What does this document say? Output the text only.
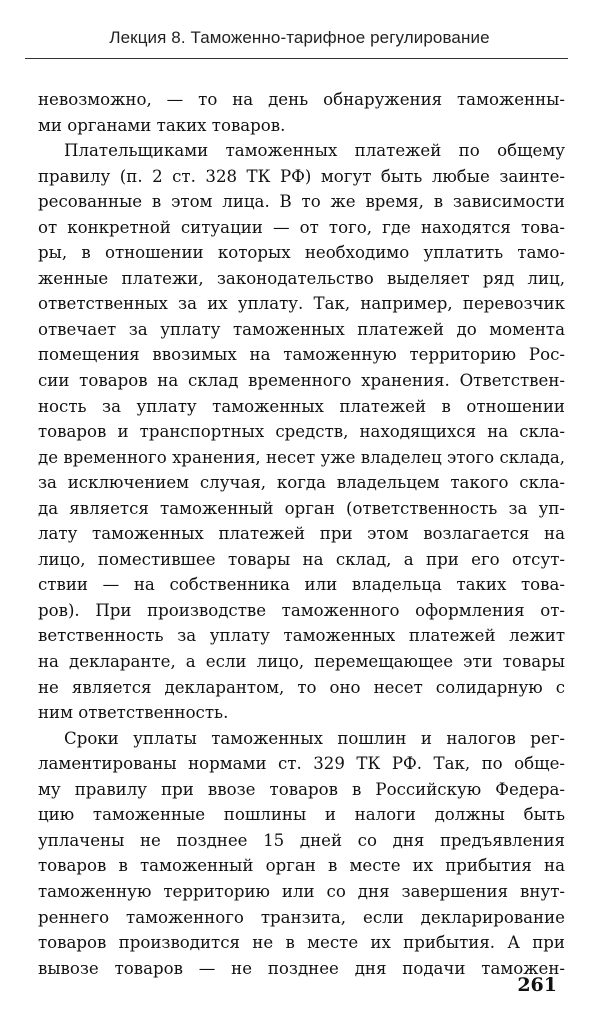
Лекция 8. Таможенно-тарифное регулирование
невозможно, — то на день обнаружения таможенны-
ми органами таких товаров.
Плательщиками таможенных платежей по общему
правилу (п. 2 ст. 328 ТК РФ) могут быть любые заинте-
ресованные в этом лица. В то же время, в зависимости
от конкретной ситуации — от того, где находятся това-
ры, в отношении которых необходимо уплатить тамо-
женные платежи, законодательство выделяет ряд лиц,
ответственных за их уплату. Так, например, перевозчик
отвечает за уплату таможенных платежей до момента
помещения ввозимых на таможенную территорию Рос-
сии товаров на склад временного хранения. Ответствен-
ность за уплату таможенных платежей в отношении
товаров и транспортных средств, находящихся на скла-
де временного хранения, несет уже владелец этого склада,
за исключением случая, когда владельцем такого скла-
да является таможенный орган (ответственность за уп-
лату таможенных платежей при этом возлагается на
лицо, поместившее товары на склад, а при его отсут-
ствии — на собственника или владельца таких това-
ров). При производстве таможенного оформления от-
ветственность за уплату таможенных платежей лежит
на декларанте, а если лицо, перемещающее эти товары
не является декларантом, то оно несет солидарную с
ним ответственность.
Сроки уплаты таможенных пошлин и налогов рег-
ламентированы нормами ст. 329 ТК РФ. Так, по обще-
му правилу при ввозе товаров в Российскую Федера-
цию таможенные пошлины и налоги должны быть
уплачены не позднее 15 дней со дня предъявления
товаров в таможенный орган в месте их прибытия на
таможенную территорию или со дня завершения внут-
реннего таможенного транзита, если декларирование
товаров производится не в месте их прибытия. А при
вывозе товаров — не позднее дня подачи таможен-
261
